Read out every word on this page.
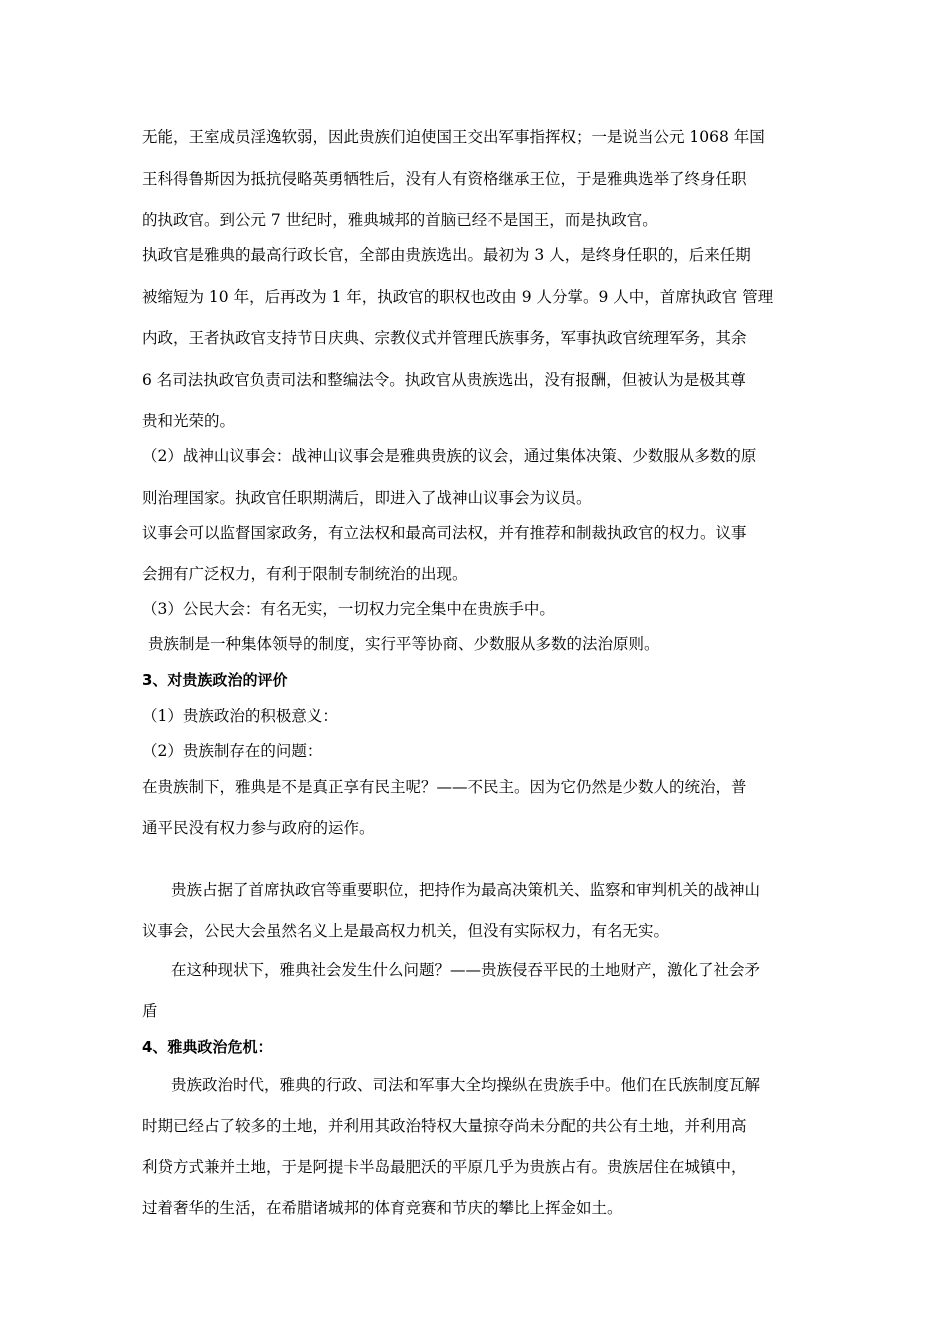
无能，王室成员淫逸软弱，因此贵族们迫使国王交出军事指挥权；一是说当公元 1068 年国
王科得鲁斯因为抵抗侵略英勇牺牲后，没有人有资格继承王位，于是雅典选举了终身任职
的执政官。到公元 7 世纪时，雅典城邦的首脑已经不是国王，而是执政官。
执政官是雅典的最高行政长官，全部由贵族选出。最初为 3 人，是终身任职的，后来任期
被缩短为 10 年，后再改为 1 年，执政官的职权也改由 9 人分掌。9 人中，首席执政官 管理
内政，王者执政官支持节日庆典、宗教仪式并管理氏族事务，军事执政官统理军务，其余
6 名司法执政官负责司法和整编法令。执政官从贵族选出，没有报酬，但被认为是极其尊
贵和光荣的。
（2）战神山议事会：战神山议事会是雅典贵族的议会，通过集体决策、少数服从多数的原
则治理国家。执政官任职期满后，即进入了战神山议事会为议员。
议事会可以监督国家政务，有立法权和最高司法权，并有推荐和制裁执政官的权力。议事
会拥有广泛权力，有利于限制专制统治的出现。
（3）公民大会：有名无实，一切权力完全集中在贵族手中。
贵族制是一种集体领导的制度，实行平等协商、少数服从多数的法治原则。
3、对贵族政治的评价
（1）贵族政治的积极意义：
（2）贵族制存在的问题：
在贵族制下，雅典是不是真正享有民主呢？——不民主。因为它仍然是少数人的统治，普
通平民没有权力参与政府的运作。
贵族占据了首席执政官等重要职位，把持作为最高决策机关、监察和审判机关的战神山
议事会，公民大会虽然名义上是最高权力机关，但没有实际权力，有名无实。
在这种现状下，雅典社会发生什么问题？——贵族侵吞平民的土地财产，激化了社会矛
盾
4、雅典政治危机：
贵族政治时代，雅典的行政、司法和军事大全均操纵在贵族手中。他们在氏族制度瓦解
时期已经占了较多的土地，并利用其政治特权大量掠夺尚未分配的共公有土地，并利用高
利贷方式兼并土地，于是阿提卡半岛最肥沃的平原几乎为贵族占有。贵族居住在城镇中，
过着奢华的生活，在希腊诸城邦的体育竞赛和节庆的攀比上挥金如土。
